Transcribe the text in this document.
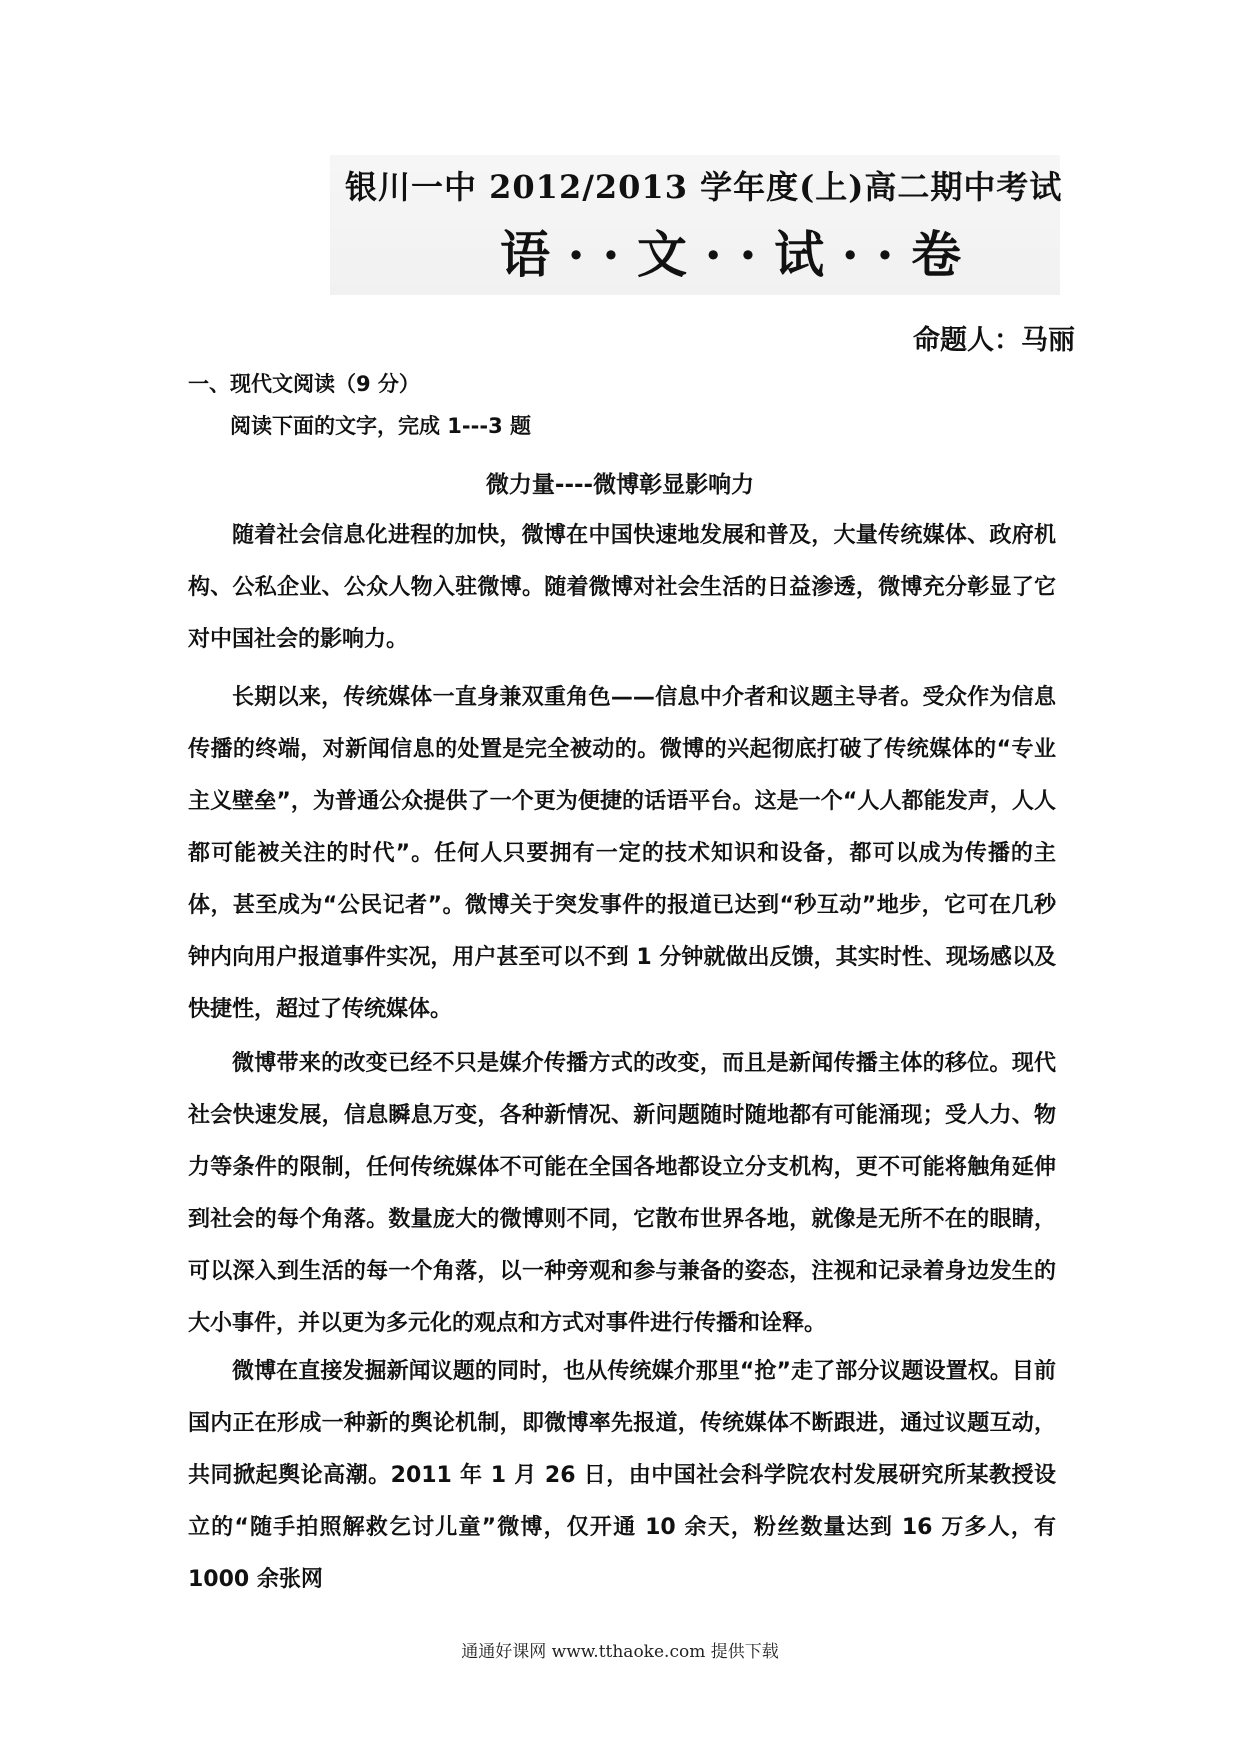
银川一中 2012/2013 学年度(上)高二期中考试
语 · · 文 · · 试 · · 卷
命题人：马丽
一、现代文阅读（9 分）
阅读下面的文字，完成 1---3 题
微力量----微博彰显影响力

随着社会信息化进程的加快，微博在中国快速地发展和普及，大量传统媒体、政府机构、公私企业、公众人物入驻微博。随着微博对社会生活的日益渗透，微博充分彰显了它对中国社会的影响力。

长期以来，传统媒体一直身兼双重角色——信息中介者和议题主导者。受众作为信息传播的终端，对新闻信息的处置是完全被动的。微博的兴起彻底打破了传统媒体的“专业主义壁垒”，为普通公众提供了一个更为便捷的话语平台。这是一个“人人都能发声，人人都可能被关注的时代”。任何人只要拥有一定的技术知识和设备，都可以成为传播的主体，甚至成为“公民记者”。微博关于突发事件的报道已达到“秒互动”地步，它可在几秒钟内向用户报道事件实况，用户甚至可以不到 1 分钟就做出反馈，其实时性、现场感以及快捷性，超过了传统媒体。

微博带来的改变已经不只是媒介传播方式的改变，而且是新闻传播主体的移位。现代社会快速发展，信息瞬息万变，各种新情况、新问题随时随地都有可能涌现；受人力、物力等条件的限制，任何传统媒体不可能在全国各地都设立分支机构，更不可能将触角延伸到社会的每个角落。数量庞大的微博则不同，它散布世界各地，就像是无所不在的眼睛，可以深入到生活的每一个角落，以一种旁观和参与兼备的姿态，注视和记录着身边发生的大小事件，并以更为多元化的观点和方式对事件进行传播和诠释。

微博在直接发掘新闻议题的同时，也从传统媒介那里“抢”走了部分议题设置权。目前国内正在形成一种新的舆论机制，即微博率先报道，传统媒体不断跟进，通过议题互动，共同掀起舆论高潮。2011 年 1 月 26 日，由中国社会科学院农村发展研究所某教授设立的“随手拍照解救乞讨儿童”微博，仅开通 10 余天，粉丝数量达到 16 万多人，有 1000 余张网

通通好课网 www.tthaoke.com 提供下载
